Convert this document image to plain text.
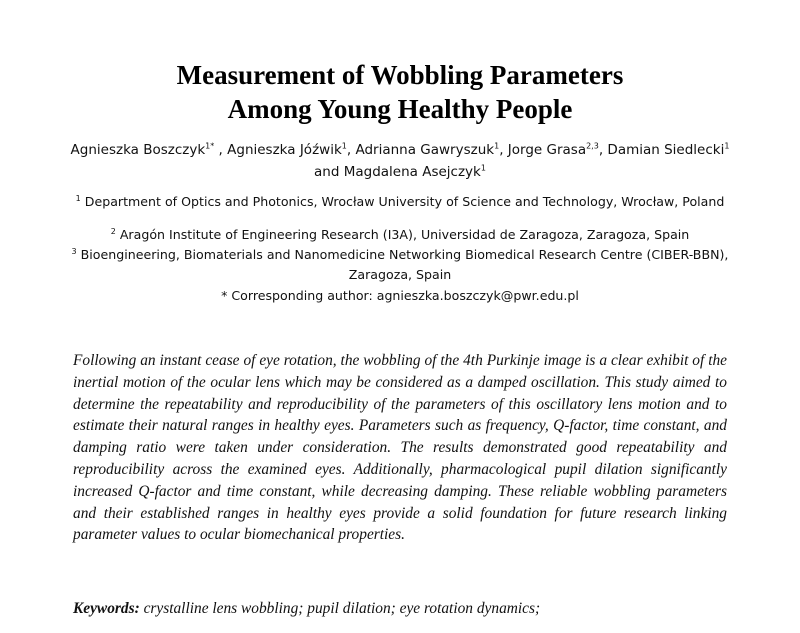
Measurement of Wobbling Parameters
Among Young Healthy People
Agnieszka Boszczyk$^{1*}$ , Agnieszka Jóźwik$^1$, Adrianna Gawryszuk$^1$, Jorge Grasa$^{2,3}$, Damian Siedlecki$^1$
and Magdalena Asejczyk$^1$
$^1$ Department of Optics and Photonics, Wrocław University of Science and Technology, Wrocław, Poland
$^2$ Aragón Institute of Engineering Research (I3A), Universidad de Zaragoza, Zaragoza, Spain
$^3$ Bioengineering, Biomaterials and Nanomedicine Networking Biomedical Research Centre (CIBER-BBN),
Zaragoza, Spain
* Corresponding author: agnieszka.boszczyk@pwr.edu.pl
Following an instant cease of eye rotation, the wobbling of the 4th Purkinje image is a clear exhibit of the inertial motion of the ocular lens which may be considered as a damped oscillation. This study aimed to determine the repeatability and reproducibility of the parameters of this oscillatory lens motion and to estimate their natural ranges in healthy eyes. Parameters such as frequency, Q-factor, time constant, and damping ratio were taken under consideration. The results demonstrated good repeatability and reproducibility across the examined eyes. Additionally, pharmacological pupil dilation significantly increased Q-factor and time constant, while decreasing damping. These reliable wobbling parameters and their established ranges in healthy eyes provide a solid foundation for future research linking parameter values to ocular biomechanical properties.
Keywords: crystalline lens wobbling; pupil dilation; eye rotation dynamics;
